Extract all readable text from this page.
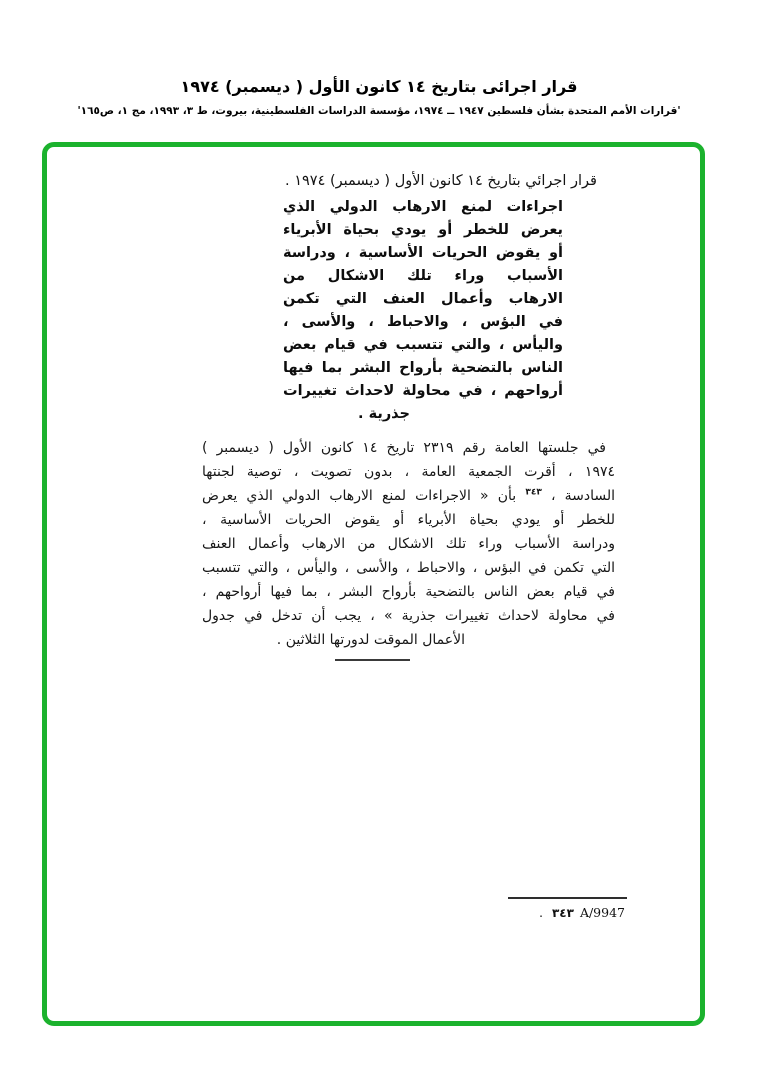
قرار اجرائى بتاريخ ١٤ كانون الأول ( ديسمبر) ١٩٧٤
'قرارات الأمم المتحدة بشأن فلسطين ١٩٤٧ ــ ١٩٧٤، مؤسسة الدراسات الفلسطينية، بيروت، ط ٣، ١٩٩٣، مج ١، ص١٦٥'
قرار اجرائي بتاريخ ١٤ كانون الأول ( ديسمبر) ١٩٧٤ .
اجراءات لمنع الارهاب الدولي الذي
يعرض للخطر أو يودي بحياة الأبرياء
أو يقوض الحريات الأساسية ، ودراسة
الأسباب وراء تلك الاشكال من
الارهاب وأعمال العنف التي تكمن
في البؤس ، والاحباط ، والأسى ،
واليأس ، والتي تتسبب في قيام بعض
الناس بالتضحية بأرواح البشر بما فيها
أرواحهم ، في محاولة لاحداث تغييرات
جذرية .
في جلستها العامة رقم ٢٣١٩ تاريخ ١٤ كانون الأول ( ديسمبر )
١٩٧٤ ، أقرت الجمعية العامة ، بدون تصويت ، توصية لجنتها
السادسة ، $^{٣٤٣}$ بأن « الاجراءات لمنع الارهاب الدولي الذي يعرض
للخطر أو يودي بحياة الأبرياء أو يقوض الحريات الأساسية ،
ودراسة الأسباب وراء تلك الاشكال من الارهاب وأعمال العنف
التي تكمن في البؤس ، والاحباط ، والأسى ، واليأس ، والتي تتسبب
في قيام بعض الناس بالتضحية بأرواح البشر ، بما فيها أرواحهم ،
في محاولة لاحداث تغييرات جذرية » ، يجب أن تدخل في جدول
الأعمال الموقت لدورتها الثلاثين .
٣٤٣ A/9947.
